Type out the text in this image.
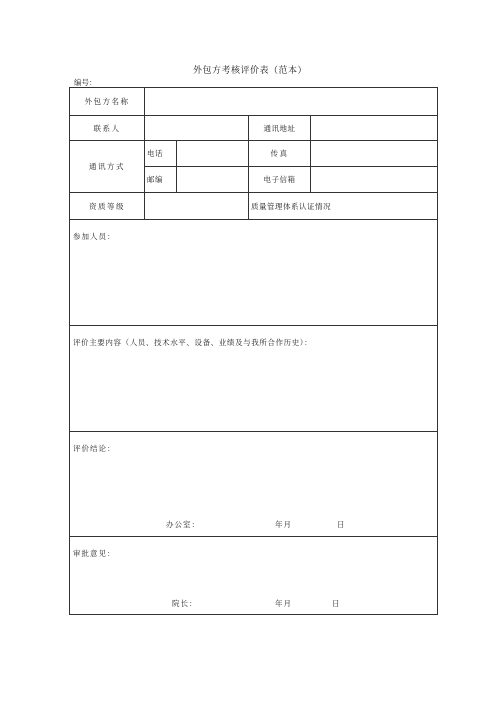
外包方考核评价表（范本）
编号：
外包方名称
联系人	通讯地址
通讯方式
电话	传真
邮编	电子信箱
资质等级	质量管理体系认证情况
参加人员：
评价主要内容（人员、技术水平、设备、业绩及与我所合作历史）：
评价结论：
办公室：	年月	日
审批意见：
院长：	年月	日
